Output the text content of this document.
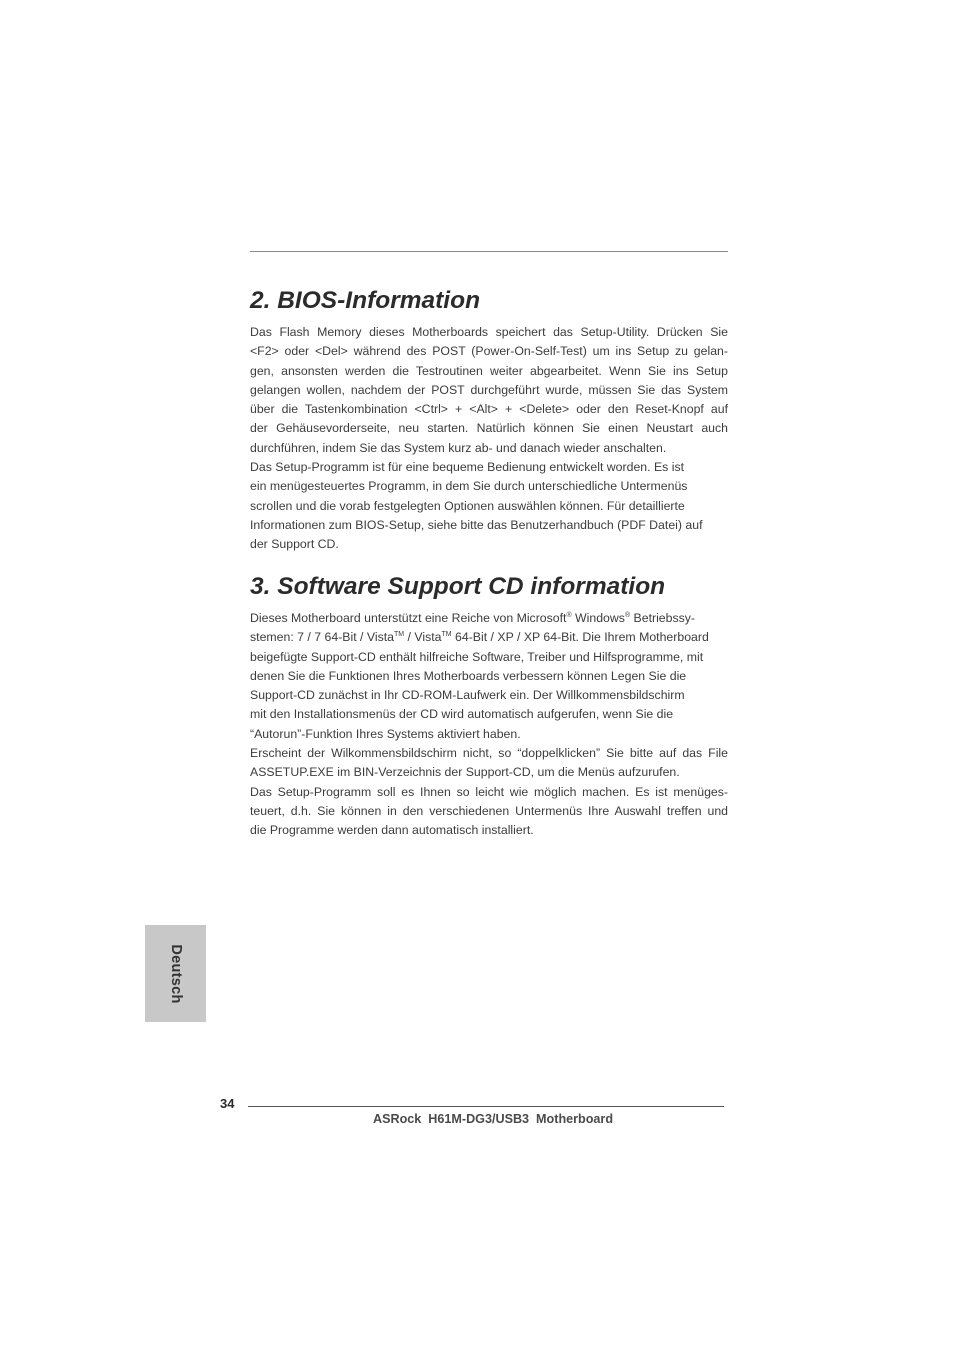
2. BIOS-Information

Das Flash Memory dieses Motherboards speichert das Setup-Utility. Drücken Sie
<F2> oder <Del> während des POST (Power-On-Self-Test) um ins Setup zu gelan-
gen, ansonsten werden die Testroutinen weiter abgearbeitet. Wenn Sie ins Setup
gelangen wollen, nachdem der POST durchgeführt wurde, müssen Sie das System
über die Tastenkombination <Ctrl> + <Alt> + <Delete> oder den Reset-Knopf auf
der Gehäusevorderseite, neu starten. Natürlich können Sie einen Neustart auch
durchführen, indem Sie das System kurz ab- und danach wieder anschalten.

Das Setup-Programm ist für eine bequeme Bedienung entwickelt worden. Es ist
ein menügesteuertes Programm, in dem Sie durch unterschiedliche Untermenüs
scrollen und die vorab festgelegten Optionen auswählen können. Für detaillierte
Informationen zum BIOS-Setup, siehe bitte das Benutzerhandbuch (PDF Datei) auf
der Support CD.

3. Software Support CD information

Dieses Motherboard unterstützt eine Reiche von Microsoft® Windows® Betriebssy-
stemen: 7 / 7 64-Bit / Vista™ / Vista™ 64-Bit / XP / XP 64-Bit. Die Ihrem Motherboard
beigefügte Support-CD enthält hilfreiche Software, Treiber und Hilfsprogramme, mit
denen Sie die Funktionen Ihres Motherboards verbessern können Legen Sie die
Support-CD zunächst in Ihr CD-ROM-Laufwerk ein. Der Willkommensbildschirm
mit den Installationsmenüs der CD wird automatisch aufgerufen, wenn Sie die
“Autorun”-Funktion Ihres Systems aktiviert haben.

Erscheint der Wilkommensbildschirm nicht, so “doppelklicken” Sie bitte auf das File
ASSETUP.EXE im BIN-Verzeichnis der Support-CD, um die Menüs aufzurufen.

Das Setup-Programm soll es Ihnen so leicht wie möglich machen. Es ist menüges-
teuert, d.h. Sie können in den verschiedenen Untermenüs Ihre Auswahl treffen und
die Programme werden dann automatisch installiert.

Deutsch
34
ASRock  H61M-DG3/USB3  Motherboard
